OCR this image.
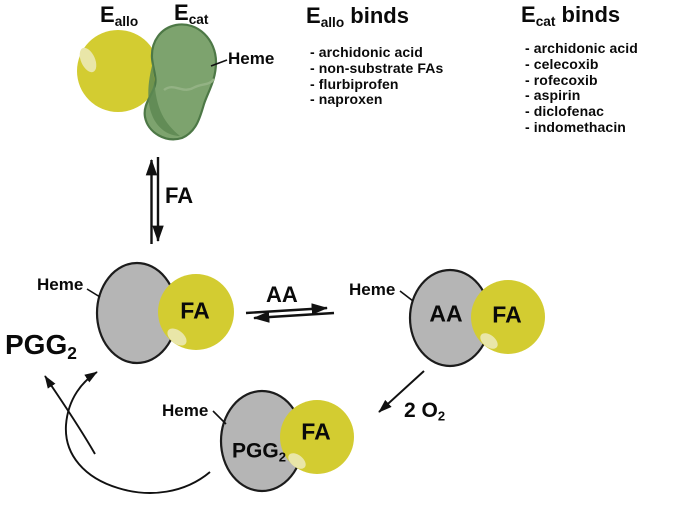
$E_{allo}$ $E_{cat}$
Heme
$E_{allo}$ binds
- archidonic acid
- non-substrate FAs
- flurbiprofen
- naproxen
$E_{cat}$ binds
- archidonic acid
- celecoxib
- rofecoxib
- aspirin
- diclofenac
- indomethacin
FA
Heme
FA
AA	Heme
AA FA
$PGG_2$
Heme
$PGG_2$
FA
2 $O_2$
